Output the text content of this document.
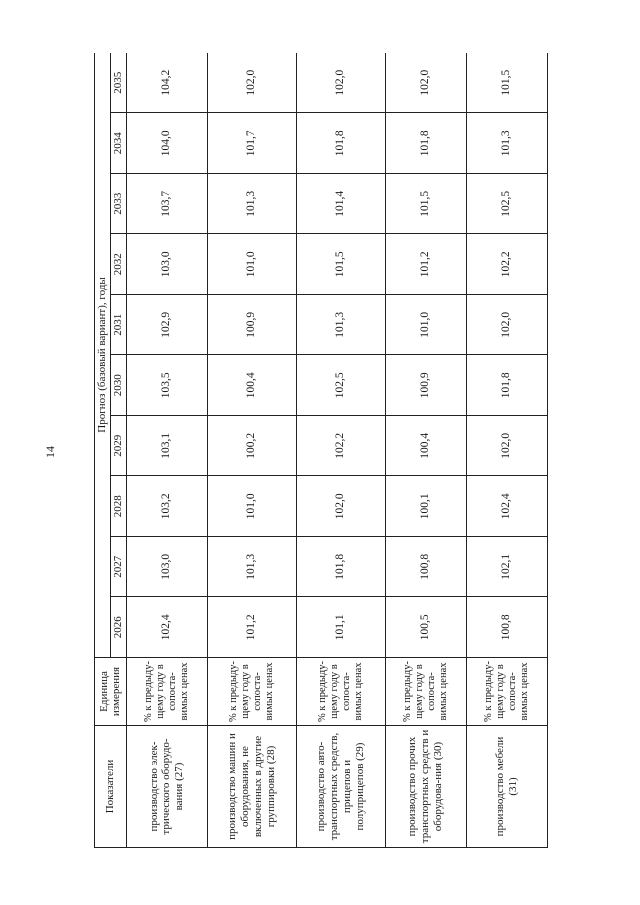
14
Показатели	Единица измерения	Прогноз (базовый вариант), годы									
		2026	2027	2028	2029	2030	2031	2032	2033	2034	2035
производство элек-трического оборудо-вания (27)	% к предыду-щему году в сопоста-вимых ценах	102,4	103,0	103,2	103,1	103,5	102,9	103,0	103,7	104,0	104,2
производство машин и оборудования, не включенных в другие группировки (28)	% к предыду-щему году в сопоста-вимых ценах	101,2	101,3	101,0	100,2	100,4	100,9	101,0	101,3	101,7	102,0
производство авто-транспортных средств, прицепов и полуприцепов (29)	% к предыду-щему году в сопоста-вимых ценах	101,1	101,8	102,0	102,2	102,5	101,3	101,5	101,4	101,8	102,0
производство прочих транспортных средств и оборудова-ния (30)	% к предыду-щему году в сопоста-вимых ценах	100,5	100,8	100,1	100,4	100,9	101,0	101,2	101,5	101,8	102,0
производство мебели (31)	% к предыду-щему году в сопоста-вимых ценах	100,8	102,1	102,4	102,0	101,8	102,0	102,2	102,5	101,3	101,5
